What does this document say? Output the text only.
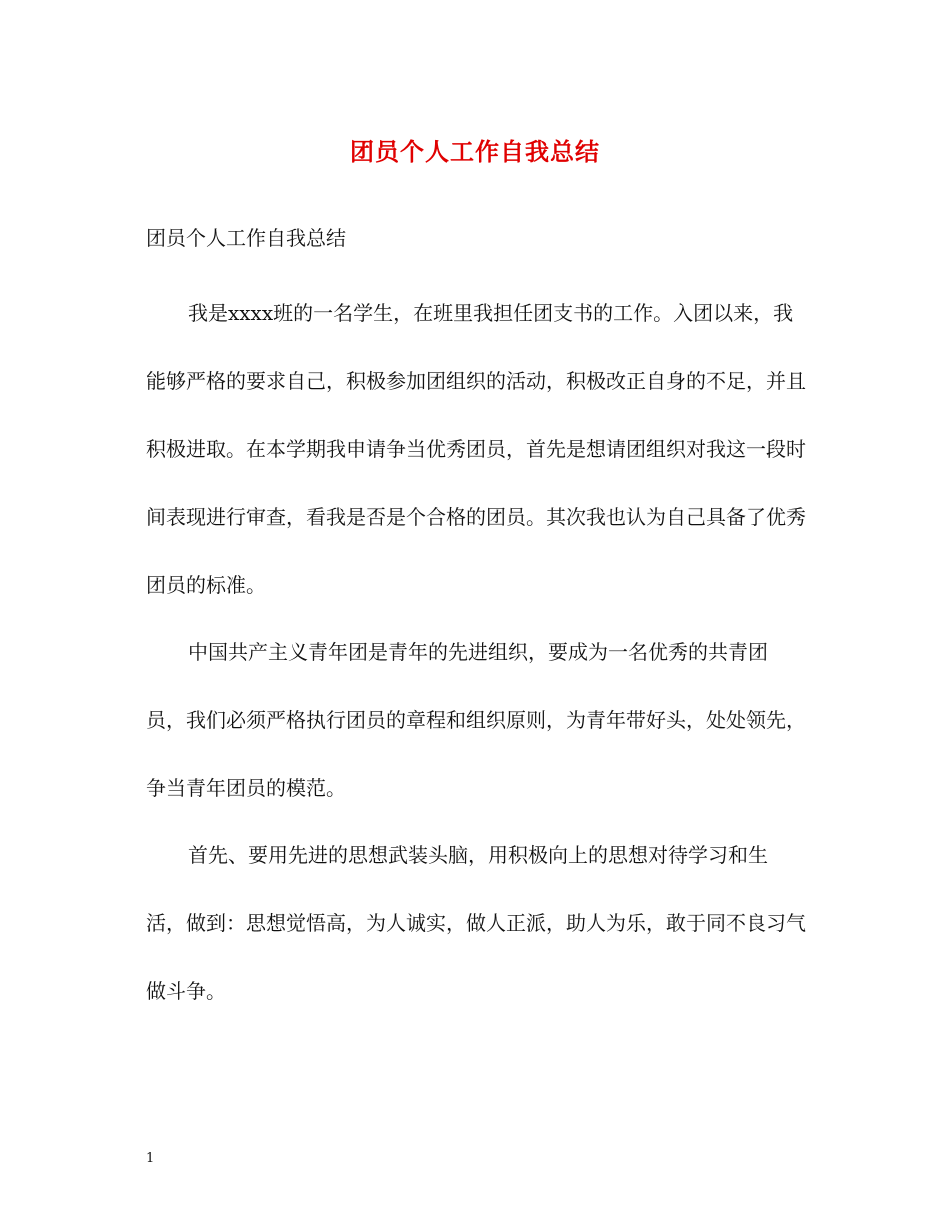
团员个人工作自我总结
团员个人工作自我总结

我是xxxx班的一名学生，在班里我担任团支书的工作。入团以来，我能够严格的要求自己，积极参加团组织的活动，积极改正自身的不足，并且积极进取。在本学期我申请争当优秀团员，首先是想请团组织对我这一段时间表现进行审查，看我是否是个合格的团员。其次我也认为自己具备了优秀团员的标准。

中国共产主义青年团是青年的先进组织，要成为一名优秀的共青团员，我们必须严格执行团员的章程和组织原则，为青年带好头，处处领先，争当青年团员的模范。

首先、要用先进的思想武装头脑，用积极向上的思想对待学习和生活，做到：思想觉悟高，为人诚实，做人正派，助人为乐，敢于同不良习气做斗争。

1
